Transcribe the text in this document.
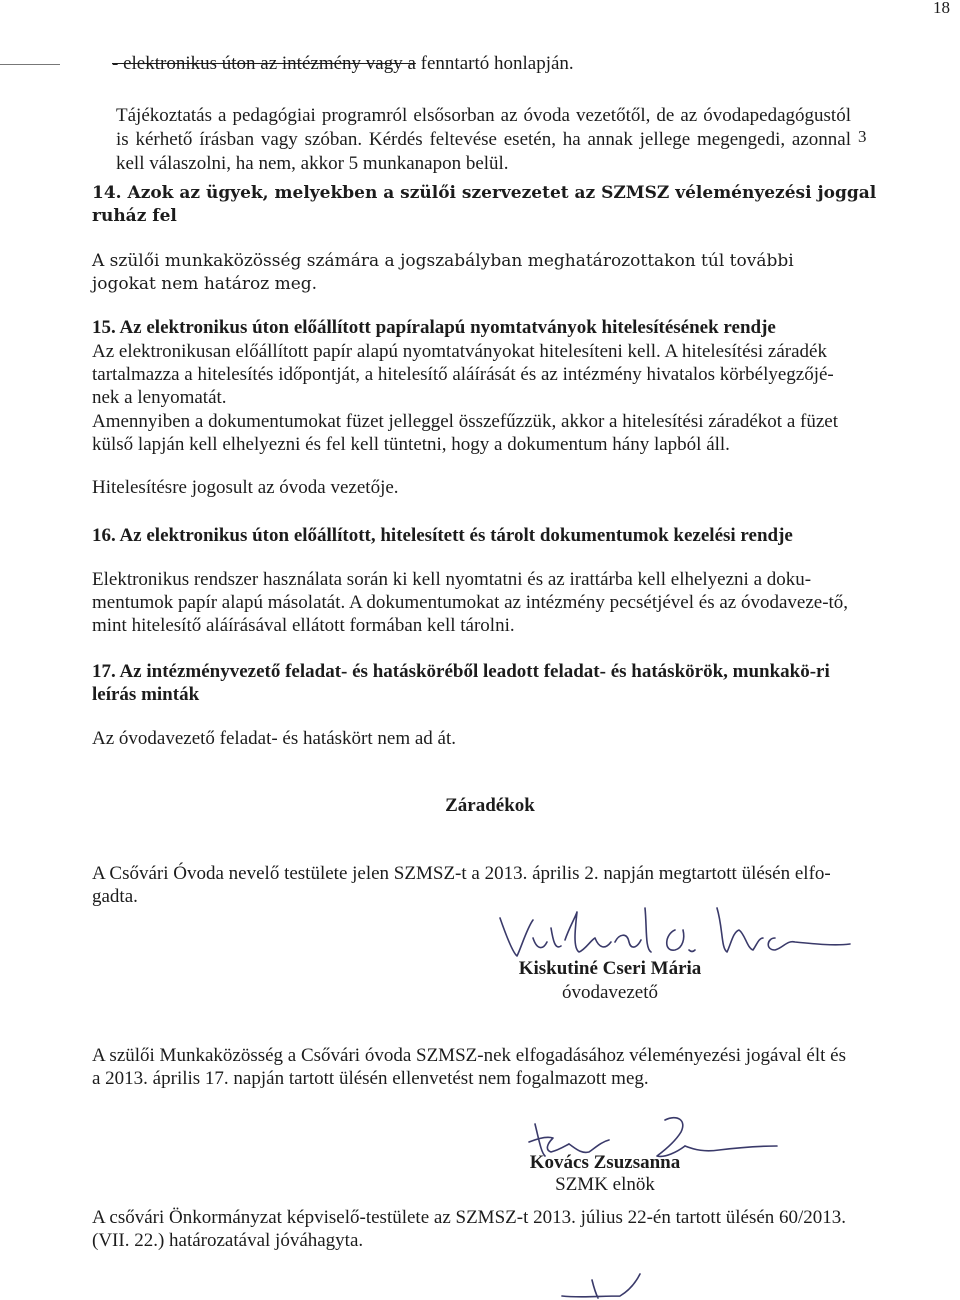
18

- elektronikus úton az intézmény vagy a fenntartó honlapján.

Tájékoztatás a pedagógiai programról elsősorban az óvoda vezetőtől, de az óvodapedagógustól is kérhető írásban vagy szóban. Kérdés feltevése esetén, ha annak jellege megengedi, azonnal kell válaszolni, ha nem, akkor 5 munkanapon belül.

3

14. Azok az ügyek, melyekben a szülői szervezetet az SZMSZ véleményezési joggal ruház fel

A szülői munkaközösség számára a jogszabályban meghatározottakon túl további jogokat nem határoz meg.

15. Az elektronikus úton előállított papíralapú nyomtatványok hitelesítésének rendje

Az elektronikusan előállított papír alapú nyomtatványokat hitelesíteni kell. A hitelesítési záradék tartalmazza a hitelesítés időpontját, a hitelesítő aláírását és az intézmény hivatalos körbélyegzőjé-nek a lenyomatát.

Amennyiben a dokumentumokat füzet jelleggel összefűzzük, akkor a hitelesítési záradékot a füzet külső lapján kell elhelyezni és fel kell tüntetni, hogy a dokumentum hány lapból áll.

Hitelesítésre jogosult az óvoda vezetője.

16. Az elektronikus úton előállított, hitelesített és tárolt dokumentumok kezelési rendje

Elektronikus rendszer használata során ki kell nyomtatni és az irattárba kell elhelyezni a doku-mentumok papír alapú másolatát. A dokumentumokat az intézmény pecsétjével és az óvodaveze-tő, mint hitelesítő aláírásával ellátott formában kell tárolni.

17. Az intézményvezető feladat- és hatásköréből leadott feladat- és hatáskörök, munkakö-ri leírás minták

Az óvodavezető feladat- és hatáskört nem ad át.

Záradékok

A Csővári Óvoda nevelő testülete jelen SZMSZ-t a 2013. április 2. napján megtartott ülésén elfo-gadta.

Kiskutiné Cseri Mária
óvodavezető

A szülői Munkaközösség a Csővári óvoda SZMSZ-nek elfogadásához véleményezési jogával élt és a 2013. április 17. napján tartott ülésén ellenvetést nem fogalmazott meg.

Kovács Zsuzsanna
SZMK elnök

A csővári Önkormányzat képviselő-testülete az SZMSZ-t 2013. július 22-én tartott ülésén 60/2013. (VII. 22.) határozatával jóváhagyta.
